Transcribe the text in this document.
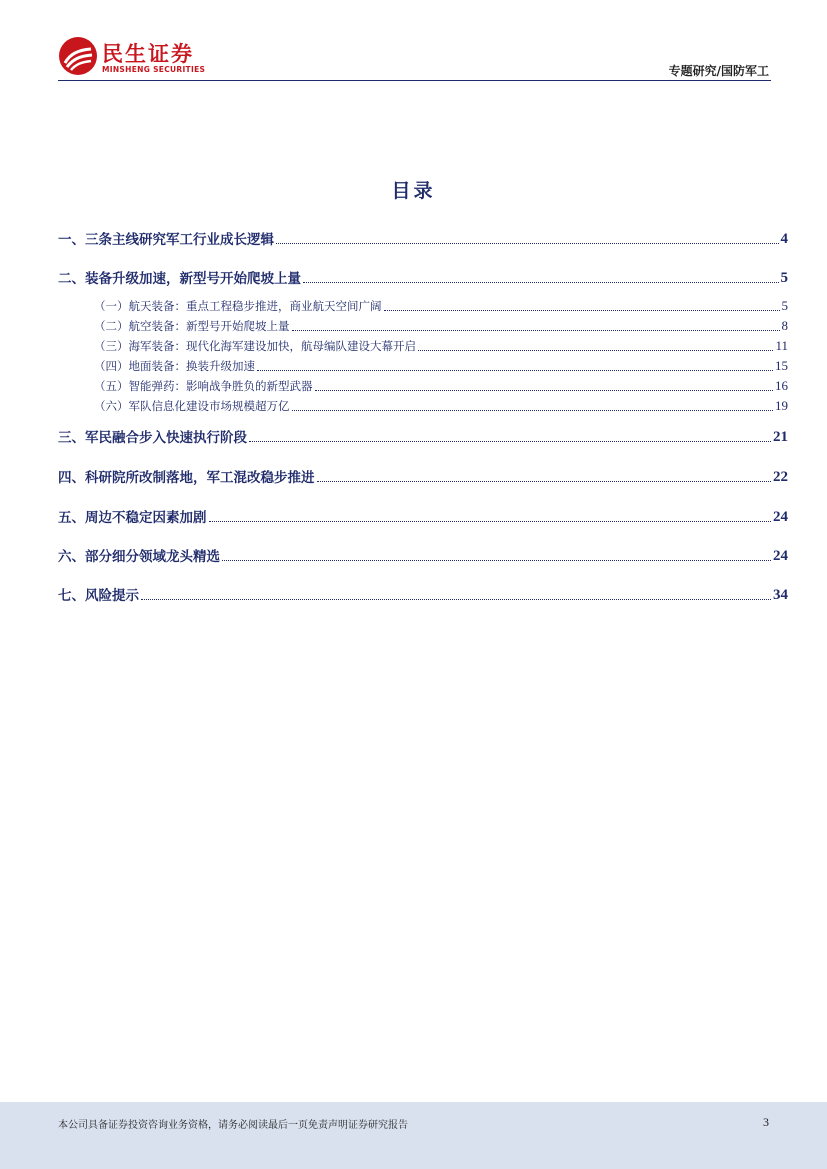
民生证券
MINSHENG SECURITIES	专题研究/国防军工
目录
一、三条主线研究军工行业成长逻辑	4
二、装备升级加速，新型号开始爬坡上量	5
（一）航天装备：重点工程稳步推进，商业航天空间广阔	5
（二）航空装备：新型号开始爬坡上量	8
（三）海军装备：现代化海军建设加快，航母编队建设大幕开启	11
（四）地面装备：换装升级加速	15
（五）智能弹药：影响战争胜负的新型武器	16
（六）军队信息化建设市场规模超万亿	19
三、军民融合步入快速执行阶段	21
四、科研院所改制落地，军工混改稳步推进	22
五、周边不稳定因素加剧	24
六、部分细分领域龙头精选	24
七、风险提示	34
本公司具备证券投资咨询业务资格，请务必阅读最后一页免责声明证券研究报告	3
